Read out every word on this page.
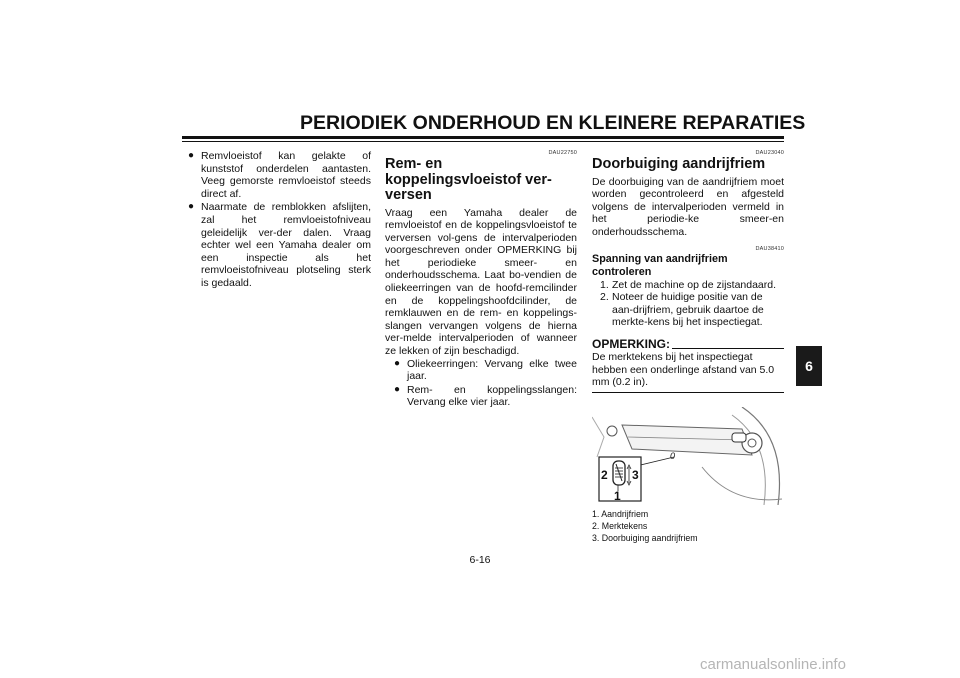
PERIODIEK ONDERHOUD EN KLEINERE REPARATIES
● Remvloeistof kan gelakte of kunststof onderdelen aantasten. Veeg gemorste remvloeistof steeds direct af.
● Naarmate de remblokken afslijten, zal het remvloeistofniveau geleidelijk ver-der dalen. Vraag echter wel een Yamaha dealer om een inspectie als het remvloeistofniveau plotseling sterk is gedaald.
DAU22750
Rem- en koppelingsvloeistof ver-versen
Vraag een Yamaha dealer de remvloeistof en de koppelingsvloeistof te verversen vol-gens de intervalperioden voorgeschreven onder OPMERKING bij het periodieke smeer- en onderhoudsschema. Laat bo-vendien de oliekeerringen van de hoofd-remcilinder en de koppelingshoofdcilinder, de remklauwen en de rem- en koppelings-slangen vervangen volgens de hierna ver-melde intervalperioden of wanneer ze lekken of zijn beschadigd.
● Oliekeerringen: Vervang elke twee jaar.
● Rem- en koppelingsslangen: Vervang elke vier jaar.
DAU23040
Doorbuiging aandrijfriem
De doorbuiging van de aandrijfriem moet worden gecontroleerd en afgesteld volgens de intervalperioden vermeld in het periodie-ke smeer-en onderhoudsschema.
DAU38410
Spanning van aandrijfriem controleren
1. Zet de machine op de zijstandaard.
2. Noteer de huidige positie van de aan-drijfriem, gebruik daartoe de merkte-kens bij het inspectiegat.
OPMERKING:
De merktekens bij het inspectiegat hebben een onderlinge afstand van 5.0 mm (0.2 in).
0
2 3
1
1. Aandrijfriem
2. Merktekens
3. Doorbuiging aandrijfriem
6
6-16
carmanualsonline.info
